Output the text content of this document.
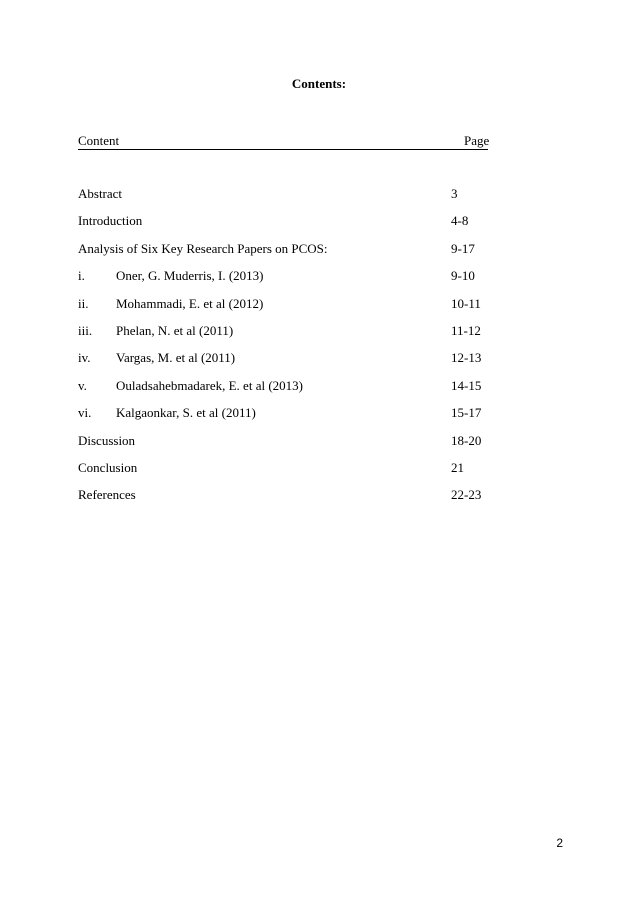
Contents:
Content	Page
Abstract	3
Introduction	4-8
Analysis of Six Key Research Papers on PCOS:	9-17
i. Oner, G. Muderris, I. (2013)	9-10
ii. Mohammadi, E. et al (2012)	10-11
iii. Phelan, N. et al (2011)	11-12
iv. Vargas, M. et al (2011)	12-13
v. Ouladsahebmadarek, E. et al (2013)	14-15
vi. Kalgaonkar, S. et al (2011)	15-17
Discussion	18-20
Conclusion	21
References	22-23
2
